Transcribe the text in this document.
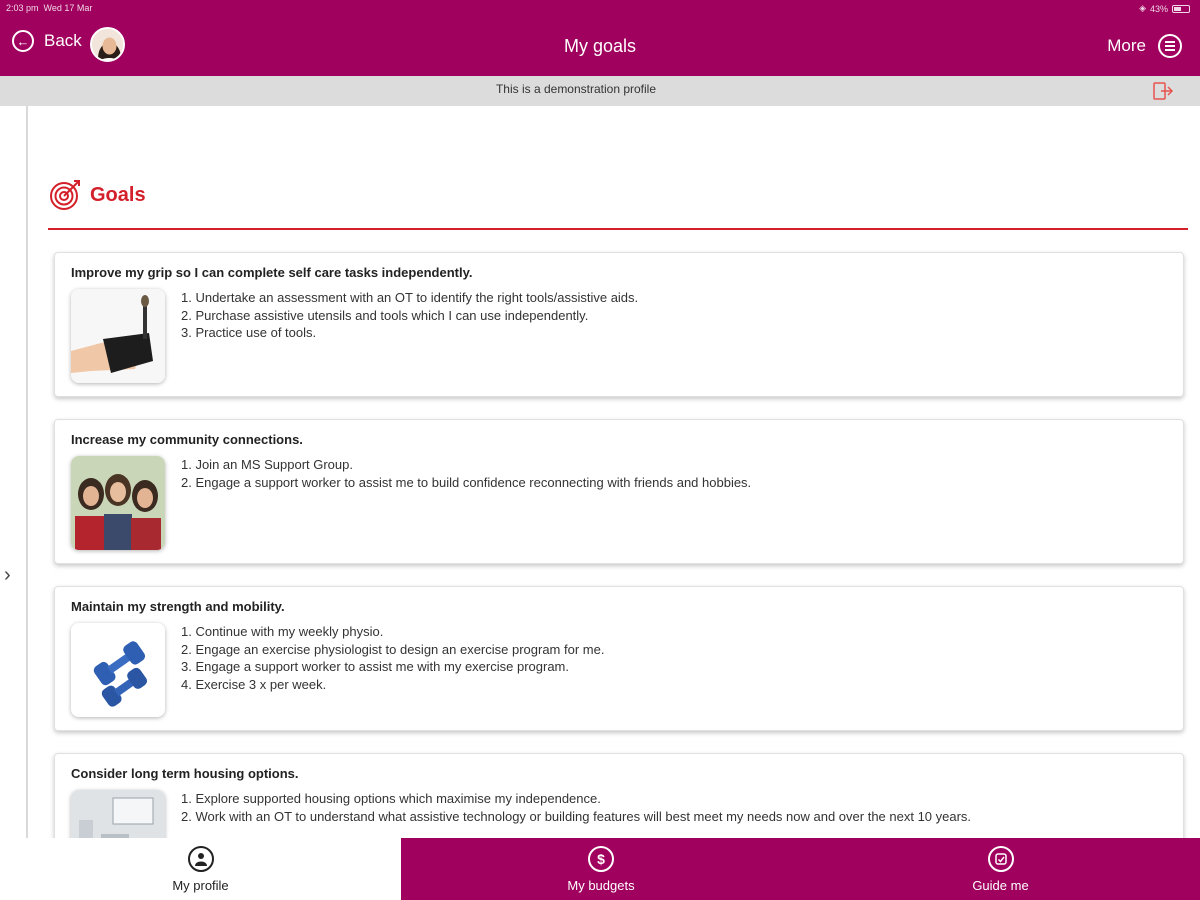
2:03 pm Wed 17 Mar	◈ 43%
← Back	My goals	More
This is a demonstration profile
›
Goals
Improve my grip so I can complete self care tasks independently.
1. Undertake an assessment with an OT to identify the right tools/assistive aids.
2. Purchase assistive utensils and tools which I can use independently.
3. Practice use of tools.
Increase my community connections.
1. Join an MS Support Group.
2. Engage a support worker to assist me to build confidence reconnecting with friends and hobbies.
Maintain my strength and mobility.
1. Continue with my weekly physio.
2. Engage an exercise physiologist to design an exercise program for me.
3. Engage a support worker to assist me with my exercise program.
4. Exercise 3 x per week.
Consider long term housing options.
1. Explore supported housing options which maximise my independence.
2. Work with an OT to understand what assistive technology or building features will best meet my needs now and over the next 10 years.
My profile
$
My budgets	Guide me
